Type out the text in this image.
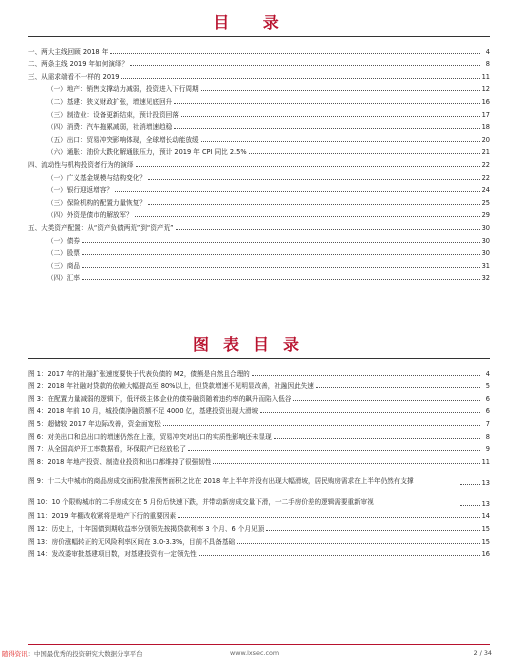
目 录
一、两大主线回顾 2018 年	4
二、两条主线 2019 年如何演绎？	8
三、从需求端看不一样的 2019	11
（一）地产：销售支撑动力减弱，投资进入下行周期	12
（二）基建：狭义财政扩张，增速见底回升	16
（三）制造业：设备更新结束，预计投资回落	17
（四）消费：汽车拖累减弱，社消增速趋稳	18
（五）出口：贸易冲突影响体现，全球增长动能放缓	20
（六）通胀：油价大跌化解通胀压力，预计 2019 年 CPI 同比 2.5%	21
四、流动性与机构投资者行为的演绎	22
（一）广义基金规模与结构变化？	22
（一）银行迎返增容？	24
（三）保险机构的配置力量恢复？	25
（四）外资是债市的解放军？	29
五、大类资产配置：从“资产负债两荒”到“资产荒”	30
（一）债券	30
（二）股票	30
（三）商品	31
（四）汇率	32
图表目录
图 1：2017 年的社融扩张速度要快于代表负债的 M2，债熊是自然且合理的	4
图 2：2018 年社融对贷款的依赖大幅提高至 80%以上，但贷款增速不见明显改善，社融因此失速	5
图 3：在配置力量减弱的逻辑下，低评级主体企业的债券融资随着违约率的飙升而陷入低谷	6
图 4：2018 年前 10 月，城投债净融资额不足 4000 亿，基建投资出现大滑坡	6
图 5：超储较 2017 年边际改善，资金面宽松	7
图 6：对美出口和总出口的增速仍然在上涨，贸易冲突对出口的实质性影响还未显现	8
图 7：从全国高炉开工率数据看，环保限产已经放松了	9
图 8：2018 年地产投资、制造业投资和出口都维持了很强韧性	11
图 9：十二大中城市的商品房成交面积/批准预售面积之比在 2018 年上半年并没有出现大幅滑坡，居民购房需求在上半年仍然有支撑	13
图 10：10 个限购城市的二手房成交在 5 月份后快速下跌，并带动新房成交量下滑，一二手房价差的逻辑需要重新审视	13
图 11：2019 年棚改收紧将是地产下行的重要因素	14
图 12：历史上，十年国债到期收益率分别领先按揭贷款利率 3 个月、6 个月见顶	15
图 13：房价涨幅转正的无风险利率区间在 3.0-3.3%，目前不具备基础	15
图 14：发改委审批基建项目数，对基建投资有一定领先性	16
随得资讯：中国最优秀的投资研究大数据分享平台	www.lxsec.com	2 / 34
